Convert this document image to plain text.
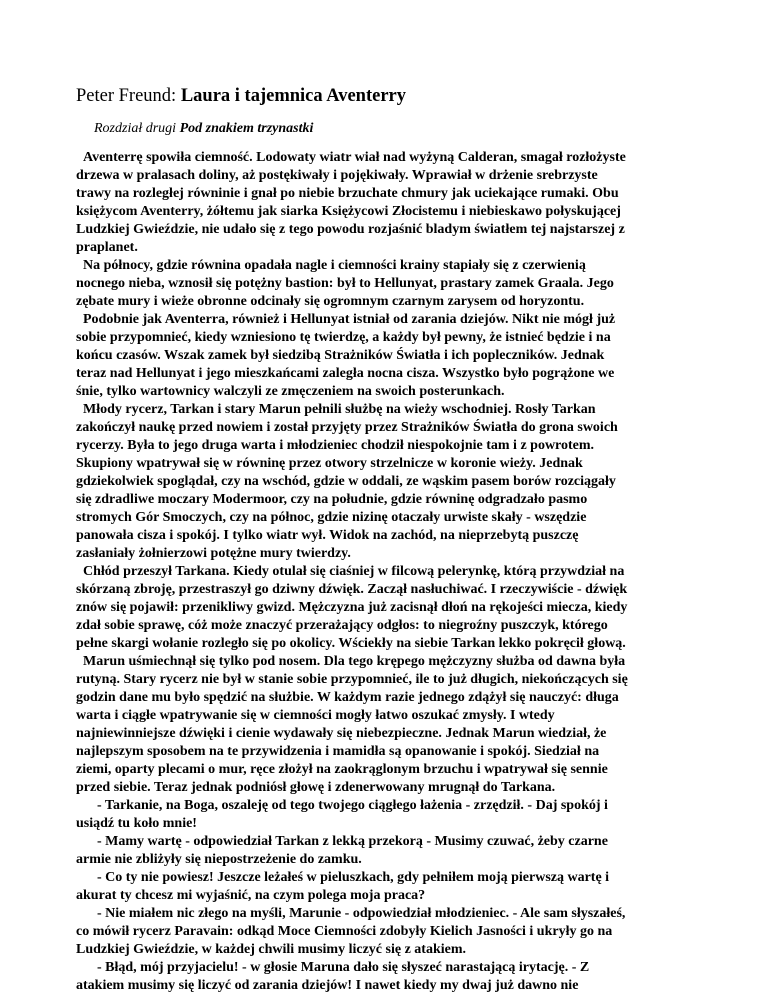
Peter Freund: Laura i tajemnica Aventerry
Rozdział drugi Pod znakiem trzynastki
Aventerrę spowiła ciemność. Lodowaty wiatr wiał nad wyżyną Calderan, smagał rozłożyste
drzewa w pralasach doliny, aż postękiwały i pojękiwały. Wprawiał w drżenie srebrzyste
trawy na rozległej równinie i gnał po niebie brzuchate chmury jak uciekające rumaki. Obu
księżycom Aventerry, żółtemu jak siarka Księżycowi Złocistemu i niebieskawo połyskującej
Ludzkiej Gwieździe, nie udało się z tego powodu rozjaśnić bladym światłem tej najstarszej z
praplanet.
Na północy, gdzie równina opadała nagle i ciemności krainy stapiały się z czerwienią
nocnego nieba, wznosił się potężny bastion: był to Hellunyat, prastary zamek Graala. Jego
zębate mury i wieże obronne odcinały się ogromnym czarnym zarysem od horyzontu.
Podobnie jak Aventerra, również i Hellunyat istniał od zarania dziejów. Nikt nie mógł już
sobie przypomnieć, kiedy wzniesiono tę twierdzę, a każdy był pewny, że istnieć będzie i na
końcu czasów. Wszak zamek był siedzibą Strażników Światła i ich popleczników. Jednak
teraz nad Hellunyat i jego mieszkańcami zaległa nocna cisza. Wszystko było pogrążone we
śnie, tylko wartownicy walczyli ze zmęczeniem na swoich posterunkach.
Młody rycerz, Tarkan i stary Marun pełnili służbę na wieży wschodniej. Rosły Tarkan
zakończył naukę przed nowiem i został przyjęty przez Strażników Światła do grona swoich
rycerzy. Była to jego druga warta i młodzieniec chodził niespokojnie tam i z powrotem.
Skupiony wpatrywał się w równinę przez otwory strzelnicze w koronie wieży. Jednak
gdziekolwiek spoglądał, czy na wschód, gdzie w oddali, ze wąskim pasem borów rozciągały
się zdradliwe moczary Modermoor, czy na południe, gdzie równinę odgradzało pasmo
stromych Gór Smoczych, czy na północ, gdzie nizinę otaczały urwiste skały - wszędzie
panowała cisza i spokój. I tylko wiatr wył. Widok na zachód, na nieprzebytą puszczę
zasłaniały żołnierzowi potężne mury twierdzy.
Chłód przeszył Tarkana. Kiedy otulał się ciaśniej w filcową pelerynkę, którą przywdział na
skórzaną zbroję, przestraszył go dziwny dźwięk. Zaczął nasłuchiwać. I rzeczywiście - dźwięk
znów się pojawił: przenikliwy gwizd. Mężczyzna już zacisnął dłoń na rękojeści miecza, kiedy
zdał sobie sprawę, cóż może znaczyć przerażający odgłos: to niegroźny puszczyk, którego
pełne skargi wołanie rozległo się po okolicy. Wściekły na siebie Tarkan lekko pokręcił głową.
Marun uśmiechnął się tylko pod nosem. Dla tego krępego mężczyzny służba od dawna była
rutyną. Stary rycerz nie był w stanie sobie przypomnieć, ile to już długich, niekończących się
godzin dane mu było spędzić na służbie. W każdym razie jednego zdążył się nauczyć: długa
warta i ciągłe wpatrywanie się w ciemności mogły łatwo oszukać zmysły. I wtedy
najniewinniejsze dźwięki i cienie wydawały się niebezpieczne. Jednak Marun wiedział, że
najlepszym sposobem na te przywidzenia i mamidła są opanowanie i spokój. Siedział na
ziemi, oparty plecami o mur, ręce złożył na zaokrąglonym brzuchu i wpatrywał się sennie
przed siebie. Teraz jednak podniósł głowę i zdenerwowany mrugnął do Tarkana.
- Tarkanie, na Boga, oszaleję od tego twojego ciągłego łażenia - zrzędził. - Daj spokój i
usiądź tu koło mnie!
- Mamy wartę - odpowiedział Tarkan z lekką przekorą - Musimy czuwać, żeby czarne
armie nie zbliżyły się niepostrzeżenie do zamku.
- Co ty nie powiesz! Jeszcze leżałeś w pieluszkach, gdy pełniłem moją pierwszą wartę i
akurat ty chcesz mi wyjaśnić, na czym polega moja praca?
- Nie miałem nic złego na myśli, Marunie - odpowiedział młodzieniec. - Ale sam słyszałeś,
co mówił rycerz Paravain: odkąd Moce Ciemności zdobyły Kielich Jasności i ukryły go na
Ludzkiej Gwieździe, w każdej chwili musimy liczyć się z atakiem.
- Błąd, mój przyjacielu! - w głosie Maruna dało się słyszeć narastającą irytację. - Z
atakiem musimy się liczyć od zarania dziejów! I nawet kiedy my dwaj już dawno nie
